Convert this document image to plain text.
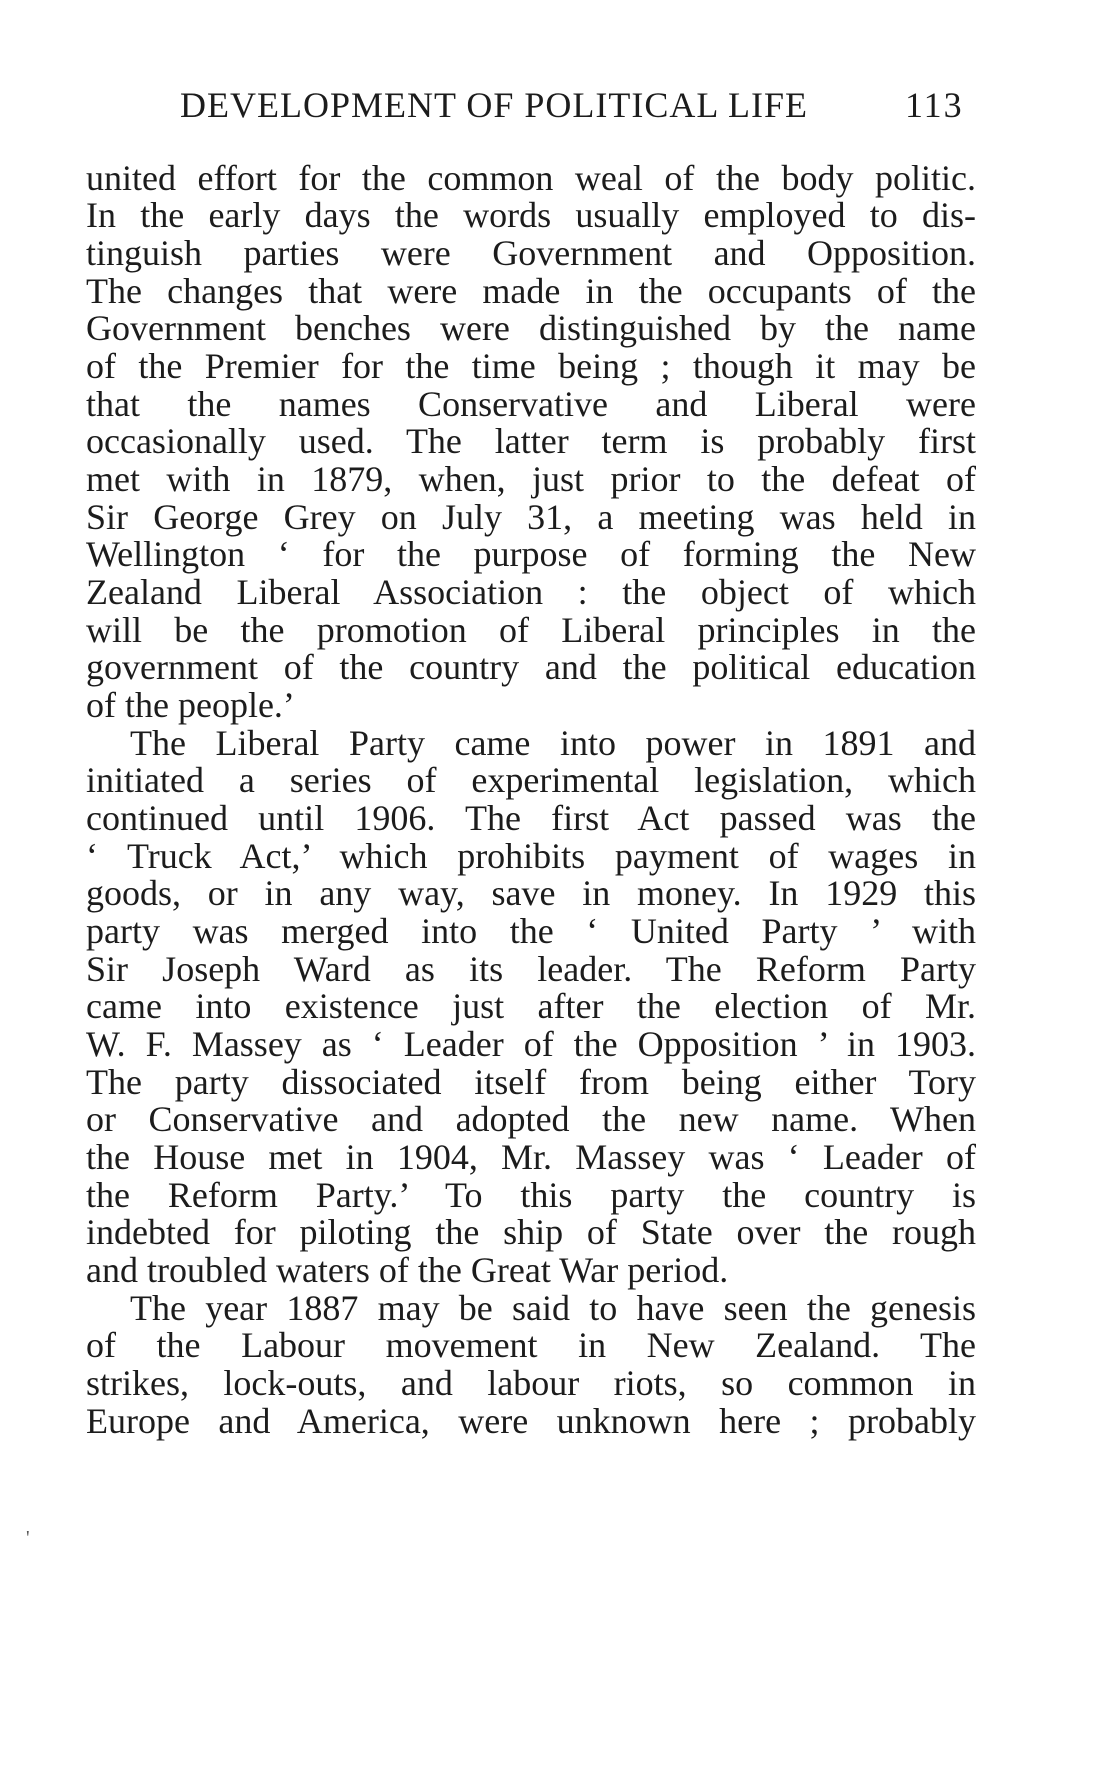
DEVELOPMENT OF POLITICAL LIFE	113
united effort for the common weal of the body politic.
In the early days the words usually employed to dis-
tinguish parties were Government and Opposition.
The changes that were made in the occupants of the
Government benches were distinguished by the name
of the Premier for the time being ; though it may be
that the names Conservative and Liberal were
occasionally used. The latter term is probably first
met with in 1879, when, just prior to the defeat of
Sir George Grey on July 31, a meeting was held in
Wellington ‘ for the purpose of forming the New
Zealand Liberal Association : the object of which
will be the promotion of Liberal principles in the
government of the country and the political education
of the people.’
The Liberal Party came into power in 1891 and
initiated a series of experimental legislation, which
continued until 1906. The first Act passed was the
‘ Truck Act,’ which prohibits payment of wages in
goods, or in any way, save in money. In 1929 this
party was merged into the ‘ United Party ’ with
Sir Joseph Ward as its leader. The Reform Party
came into existence just after the election of Mr.
W. F. Massey as ‘ Leader of the Opposition ’ in 1903.
The party dissociated itself from being either Tory
or Conservative and adopted the new name. When
the House met in 1904, Mr. Massey was ‘ Leader of
the Reform Party.’ To this party the country is
indebted for piloting the ship of State over the rough
and troubled waters of the Great War period.
The year 1887 may be said to have seen the genesis
of the Labour movement in New Zealand. The
strikes, lock-outs, and labour riots, so common in
Europe and America, were unknown here ; probably
'
